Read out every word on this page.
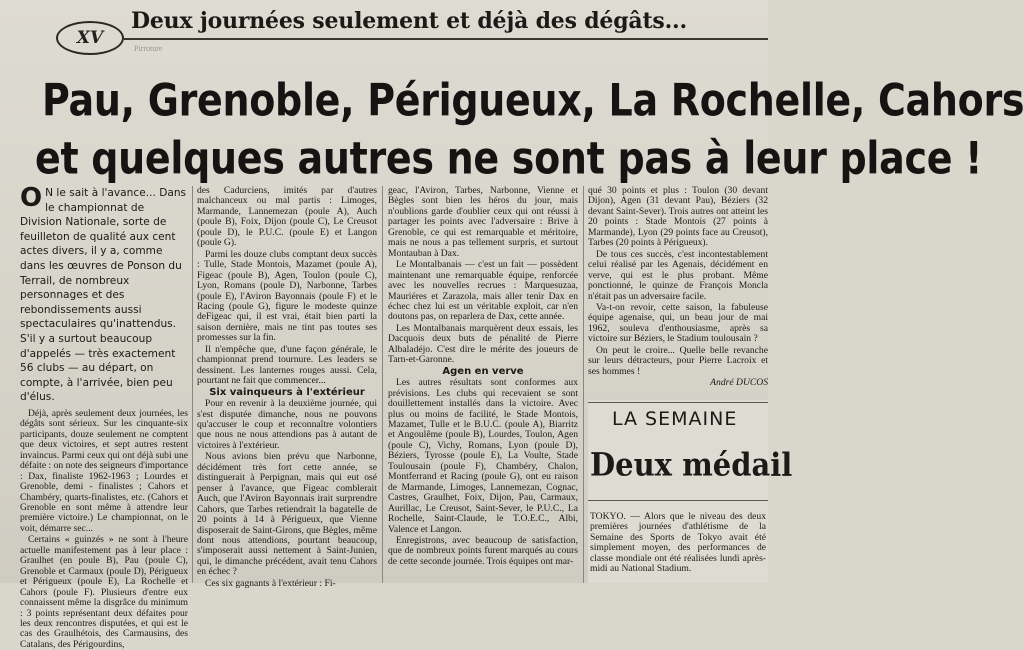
XV
Deux journées seulement et déjà des dégâts...
Pirroture
Pau, Grenoble, Périgueux, La Rochelle, Cahors
et quelques autres ne sont pas à leur place !

O N le sait à l'avance... Dans le championnat de Division Nationale, sorte de feuilleton de qualité aux cent actes divers, il y a, comme dans les œuvres de Ponson du Terrail, de nombreux personnages et des rebondissements aussi spectaculaires qu'inattendus. S'il y a surtout beaucoup d'appelés — très exactement 56 clubs — au départ, on compte, à l'arrivée, bien peu d'élus.

Déjà, après seulement deux journées, les dégâts sont sérieux. Sur les cinquante-six participants, douze seulement ne comptent que deux victoires, et sept autres restent invaincus. Parmi ceux qui ont déjà subi une défaite : on note des seigneurs d'importance : Dax, finaliste 1962-1963 ; Lourdes et Grenoble, demi - finalistes ; Cahors et Chambéry, quarts-finalistes, etc. (Cahors et Grenoble en sont même à attendre leur première victoire.) Le championnat, on le voit, démarre sec...

Certains « guinzés » ne sont à l'heure actuelle manifestement pas à leur place : Graulhet (en poule B), Pau (poule C), Grenoble et Carmaux (poule D), Périgueux et Périgueux (poule E), La Rochelle et Cahors (poule F). Plusieurs d'entre eux connaissent même la disgrâce du minimum : 3 points représentant deux défaites pour les deux rencontres disputées, et qui est le cas des Graulhétois, des Carmausins, des Catalans, des Périgourdins,

des Cadurciens, imités par d'autres malchanceux ou mal partis : Limoges, Marmande, Lannemezan (poule A), Auch (poule B), Foix, Dijon (poule C), Le Creusot (poule D), le P.U.C. (poule E) et Langon (poule G).

Parmi les douze clubs comptant deux succès : Tulle, Stade Montois, Mazamet (poule A), Figeac (poule B), Agen, Toulon (poule C), Lyon, Romans (poule D), Narbonne, Tarbes (poule E), l'Aviron Bayonnais (poule F) et le Racing (poule G), figure le modeste quinze deFigeac qui, il est vrai, était bien parti la saison dernière, mais ne tint pas toutes ses promesses sur la fin.

Il n'empêche que, d'une façon générale, le championnat prend tournure. Les leaders se dessinent. Les lanternes rouges aussi. Cela, pourtant ne fait que commencer...

Six vainqueurs à l'extérieur

Pour en revenir à la deuxième journée, qui s'est disputée dimanche, nous ne pouvons qu'accuser le coup et reconnaître volontiers que nous ne nous attendions pas à autant de victoires à l'extérieur.

Nous avions bien prévu que Narbonne, décidément très fort cette année, se distinguerait à Perpignan, mais qui eut osé penser à l'avance, que Figeac comblerait Auch, que l'Aviron Bayonnais irait surprendre Cahors, que Tarbes retiendrait la bagatelle de 20 points à 14 à Périgueux, que Vienne disposerait de Saint-Girons, que Bègles, même dont nous attendions, pourtant beaucoup, s'imposerait aussi nettement à Saint-Junien, qui, le dimanche précédent, avait tenu Cahors en échec ?

Ces six gagnants à l'extérieur : Fi-

geac, l'Aviron, Tarbes, Narbonne, Vienne et Bègles sont bien les héros du jour, mais n'oublions garde d'oublier ceux qui ont réussi à partager les points avec l'adversaire : Brive à Grenoble, ce qui est remarquable et méritoire, mais ne nous a pas tellement surpris, et surtout Montauban à Dax.

Le Montalbanais — c'est un fait — possèdent maintenant une remarquable équipe, renforcée avec les nouvelles recrues : Marquesuzaa, Mauriéres et Zarazola, mais aller tenir Dax en échec chez lui est un véritable exploit, car n'en doutons pas, on reparlera de Dax, cette année.

Les Montalbanais marquèrent deux essais, les Dacquois deux buts de pénalité de Pierre Albaladéjo. C'est dire le mérite des joueurs de Tarn-et-Garonne.

Agen en verve

Les autres résultats sont conformes aux prévisions. Les clubs qui recevaient se sont douillettement installés dans la victoire. Avec plus ou moins de facilité, le Stade Montois, Mazamet, Tulle et le B.U.C. (poule A), Biarritz et Angoulême (poule B), Lourdes, Toulon, Agen (poule C), Vichy, Romans, Lyon (poule D), Béziers, Tyrosse (poule E), La Voulte, Stade Toulousain (poule F), Chambéry, Chalon, Montferrand et Racing (poule G), ont eu raison de Marmande, Limoges, Lannemezan, Cognac, Castres, Graulhet, Foix, Dijon, Pau, Carmaux, Aurillac, Le Creusot, Saint-Sever, le P.U.C., La Rochelle, Saint-Claude, le T.O.E.C., Albi, Valence et Langon.

Enregistrons, avec beaucoup de satisfaction, que de nombreux points furent marqués au cours de cette seconde journée. Trois équipes ont mar-

qué 30 points et plus : Toulon (30 devant Dijon), Agen (31 devant Pau), Béziers (32 devant Saint-Sever). Trois autres ont atteint les 20 points : Stade Montois (27 points à Marmande), Lyon (29 points face au Creusot), Tarbes (20 points à Périgueux).

De tous ces succès, c'est incontestablement celui réalisé par les Agenais, décidément en verve, qui est le plus probant. Même ponctionné, le quinze de François Moncla n'était pas un adversaire facile.

Va-t-on revoir, cette saison, la fabuleuse équipe agenaise, qui, un beau jour de mai 1962, souleva d'enthousiasme, après sa victoire sur Béziers, le Stadium toulousain ?

On peut le croire... Quelle belle revanche sur leurs détracteurs, pour Pierre Lacroix et ses hommes !

André DUCOS

LA SEMAINE
Deux médail
TOKYO. — Alors que le niveau des deux premières journées d'athlétisme de la Semaine des Sports de Tokyo avait été simplement moyen, des performances de classe mondiale ont été réalisées lundi après-midi au National Stadium.
